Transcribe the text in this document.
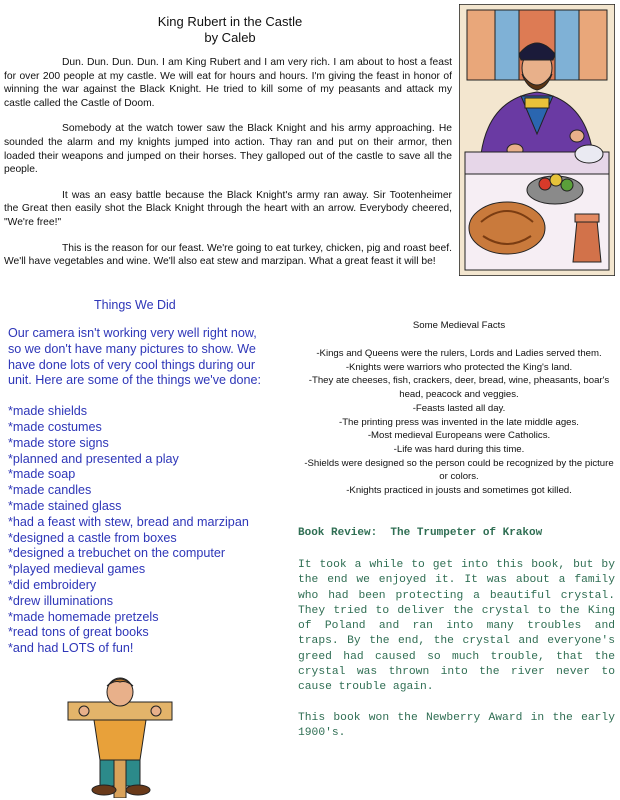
King Rubert in the Castle
by Caleb

Dun. Dun. Dun. Dun. I am King Rubert and I am very rich. I am about to host a feast for over 200 people at my castle. We will eat for hours and hours. I'm giving the feast in honor of winning the war against the Black Knight. He tried to kill some of my peasants and attack my castle called the Castle of Doom.

Somebody at the watch tower saw the Black Knight and his army approaching. He sounded the alarm and my knights jumped into action. Thay ran and put on their armor, then loaded their weapons and jumped on their horses. They galloped out of the castle to save all the people.

It was an easy battle because the Black Knight's army ran away. Sir Tootenheimer the Great then easily shot the Black Knight through the heart with an arrow. Everybody cheered, "We're free!"

This is the reason for our feast. We're going to eat turkey, chicken, pig and roast beef. We'll have vegetables and wine. We'll also eat stew and marzipan. What a great feast it will be!

Things We Did

Our camera isn't working very well right now, so we don't have many pictures to show. We have done lots of very cool things during our unit. Here are some of the things we've done:

*made shields
*made costumes
*made store signs
*planned and presented a play
*made soap
*made candles
*made stained glass
*had a feast with stew, bread and marzipan
*designed a castle from boxes
*designed a trebuchet on the computer
*played medieval games
*did embroidery
*drew illuminations
*made homemade pretzels
*read tons of great books
*and had LOTS of fun!
Some Medieval Facts
-Kings and Queens were the rulers, Lords and Ladies served them.
-Knights were warriors who protected the King's land.
-They ate cheeses, fish, crackers, deer, bread, wine, pheasants, boar's head, peacock and veggies.
-Feasts lasted all day.
-The printing press was invented in the late middle ages.
-Most medieval Europeans were Catholics.
-Life was hard during this time.
-Shields were designed so the person could be recognized by the picture or colors.
-Knights practiced in jousts and sometimes got killed.
Book Review:  The Trumpeter of Krakow

It took a while to get into this book, but by the end we enjoyed it. It was about a family who had been protecting a beautiful crystal. They tried to deliver the crystal to the King of Poland and ran into many troubles and traps. By the end, the crystal and everyone's greed had caused so much trouble, that the crystal was thrown into the river never to cause trouble again.

This book won the Newberry Award in the early 1900's.
